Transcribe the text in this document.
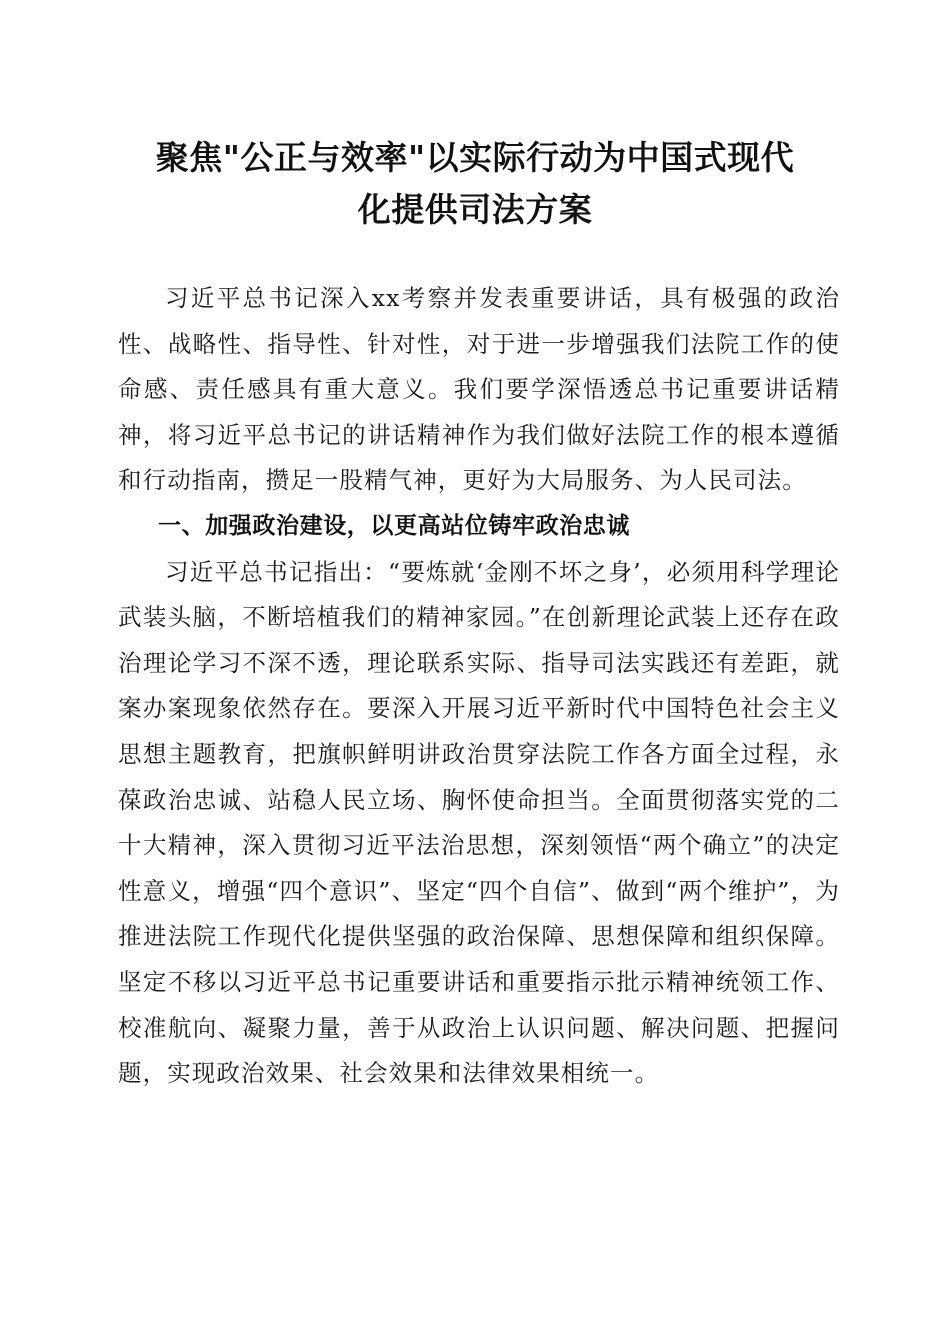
聚焦"公正与效率"以实际行动为中国式现代
化提供司法方案

习近平总书记深入xx考察并发表重要讲话，具有极强的政治性、战略性、指导性、针对性，对于进一步增强我们法院工作的使命感、责任感具有重大意义。我们要学深悟透总书记重要讲话精神，将习近平总书记的讲话精神作为我们做好法院工作的根本遵循和行动指南，攒足一股精气神，更好为大局服务、为人民司法。

一、加强政治建设，以更高站位铸牢政治忠诚

习近平总书记指出：“要炼就‘金刚不坏之身’，必须用科学理论武装头脑，不断培植我们的精神家园。”在创新理论武装上还存在政治理论学习不深不透，理论联系实际、指导司法实践还有差距，就案办案现象依然存在。要深入开展习近平新时代中国特色社会主义思想主题教育，把旗帜鲜明讲政治贯穿法院工作各方面全过程，永葆政治忠诚、站稳人民立场、胸怀使命担当。全面贯彻落实党的二十大精神，深入贯彻习近平法治思想，深刻领悟“两个确立”的决定性意义，增强“四个意识”、坚定“四个自信”、做到“两个维护”，为推进法院工作现代化提供坚强的政治保障、思想保障和组织保障。坚定不移以习近平总书记重要讲话和重要指示批示精神统领工作、校准航向、凝聚力量，善于从政治上认识问题、解决问题、把握问题，实现政治效果、社会效果和法律效果相统一。
